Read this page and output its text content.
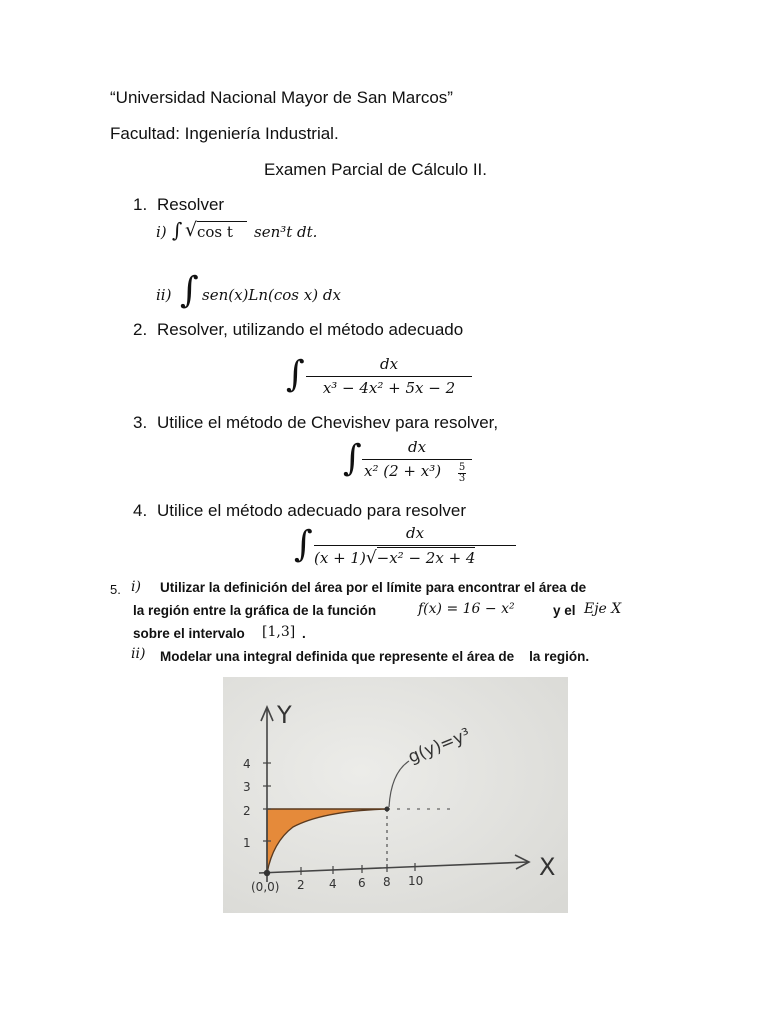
“Universidad Nacional Mayor de San Marcos”
Facultad: Ingeniería Industrial.
Examen Parcial de Cálculo II.
1. Resolver
i) ∫ √ cos t sen³t dt.
ii) ∫ sen(x)Ln(cos x) dx
2. Resolver, utilizando el método adecuado
∫	dx
x³ − 4x² + 5x − 2
3. Utilice el método de Chevishev para resolver,
∫	dx
x² (2 + x³)	5
3
4. Utilice el método adecuado para resolver
∫	dx
(x + 1)√−x² − 2x + 4
5. i) Utilizar la definición del área por el límite para encontrar el área de
la región entre la gráfica de la función	f(x) = 16 − x²	y el Eje X
sobre el intervalo [1,3] .
ii) Modelar una integral definida que represente el área de    la región.
Y
X
g(y)=y³
4
3
2
1
(0,0) 2 4 6 8 10
